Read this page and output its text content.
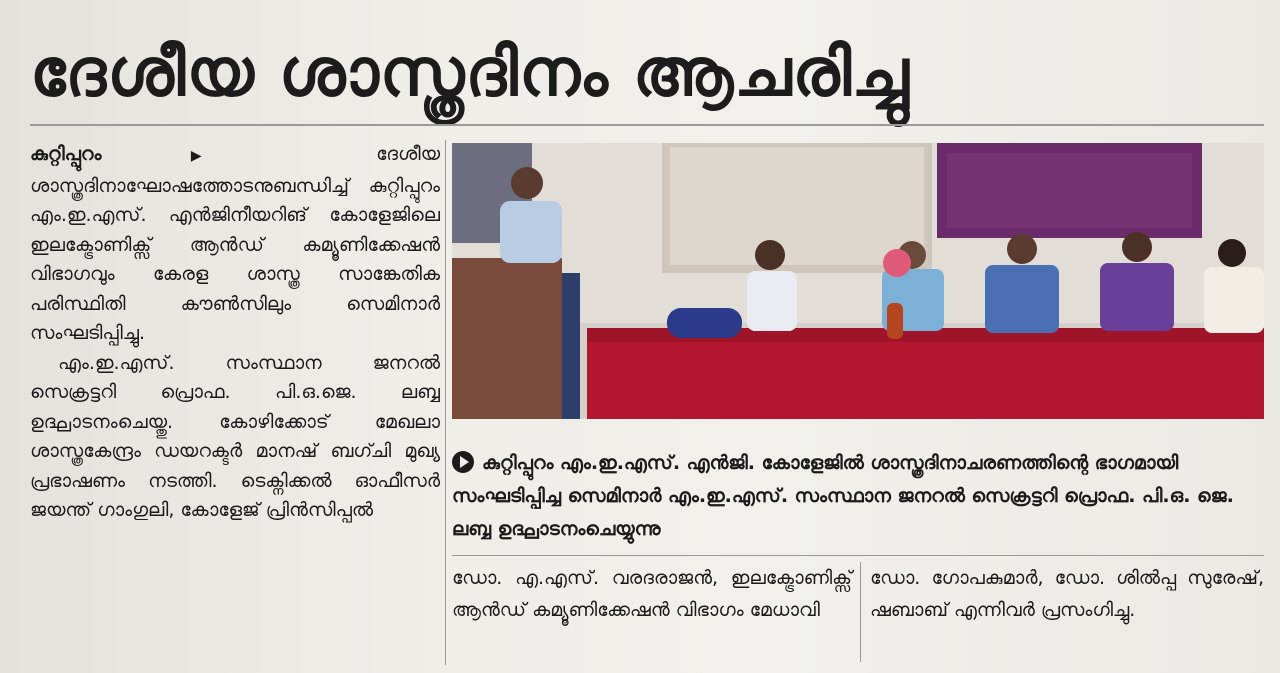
ദേശീയ ശാസ്ത്രദിനം ആചരിച്ചു

കുറ്റിപ്പുറം ▶ ദേശീയ ശാസ്ത്രദിനാഘോഷത്തോടനുബന്ധിച്ച് കുറ്റിപ്പുറം എം.ഇ.എസ്. എൻജിനീയറിങ് കോളേജിലെ ഇലക്ട്രോണിക്സ് ആൻഡ് കമ്യൂണിക്കേഷൻ വിഭാഗവും കേരള ശാസ്ത്ര സാങ്കേതിക പരിസ്ഥിതി കൗൺസിലും സെമിനാർ സംഘടിപ്പിച്ചു.

എം.ഇ.എസ്. സംസ്ഥാന ജനറൽ സെക്രട്ടറി പ്രൊഫ. പി.ഒ.ജെ. ലബ്ബ ഉദ്ഘാടനംചെയ്തു. കോഴിക്കോട് മേഖലാ ശാസ്ത്രകേന്ദ്രം ഡയറക്ടർ മാനഷ് ബഗ്ചി മുഖ്യ പ്രഭാഷണം നടത്തി. ടെക്നിക്കൽ ഓഫീസർ ജയന്ത് ഗാംഗുലി, കോളേജ് പ്രിൻസിപ്പൽ

കുറ്റിപ്പുറം എം.ഇ.എസ്. എൻജി. കോളേജിൽ ശാസ്ത്രദിനാചരണത്തിന്റെ ഭാഗമായി സംഘടിപ്പിച്ച സെമിനാർ എം.ഇ.എസ്. സംസ്ഥാന ജനറൽ സെക്രട്ടറി പ്രൊഫ. പി.ഒ. ജെ. ലബ്ബ ഉദ്ഘാടനംചെയ്യുന്നു
ഡോ. എ.എസ്. വരദരാജൻ, ഇലക്ട്രോണിക്സ് ആൻഡ് കമ്യൂണിക്കേഷൻ വിഭാഗം മേധാവി
ഡോ. ഗോപകുമാർ, ഡോ. ശിൽപ്പ സുരേഷ്, ഷബാബ് എന്നിവർ പ്രസംഗിച്ചു.
